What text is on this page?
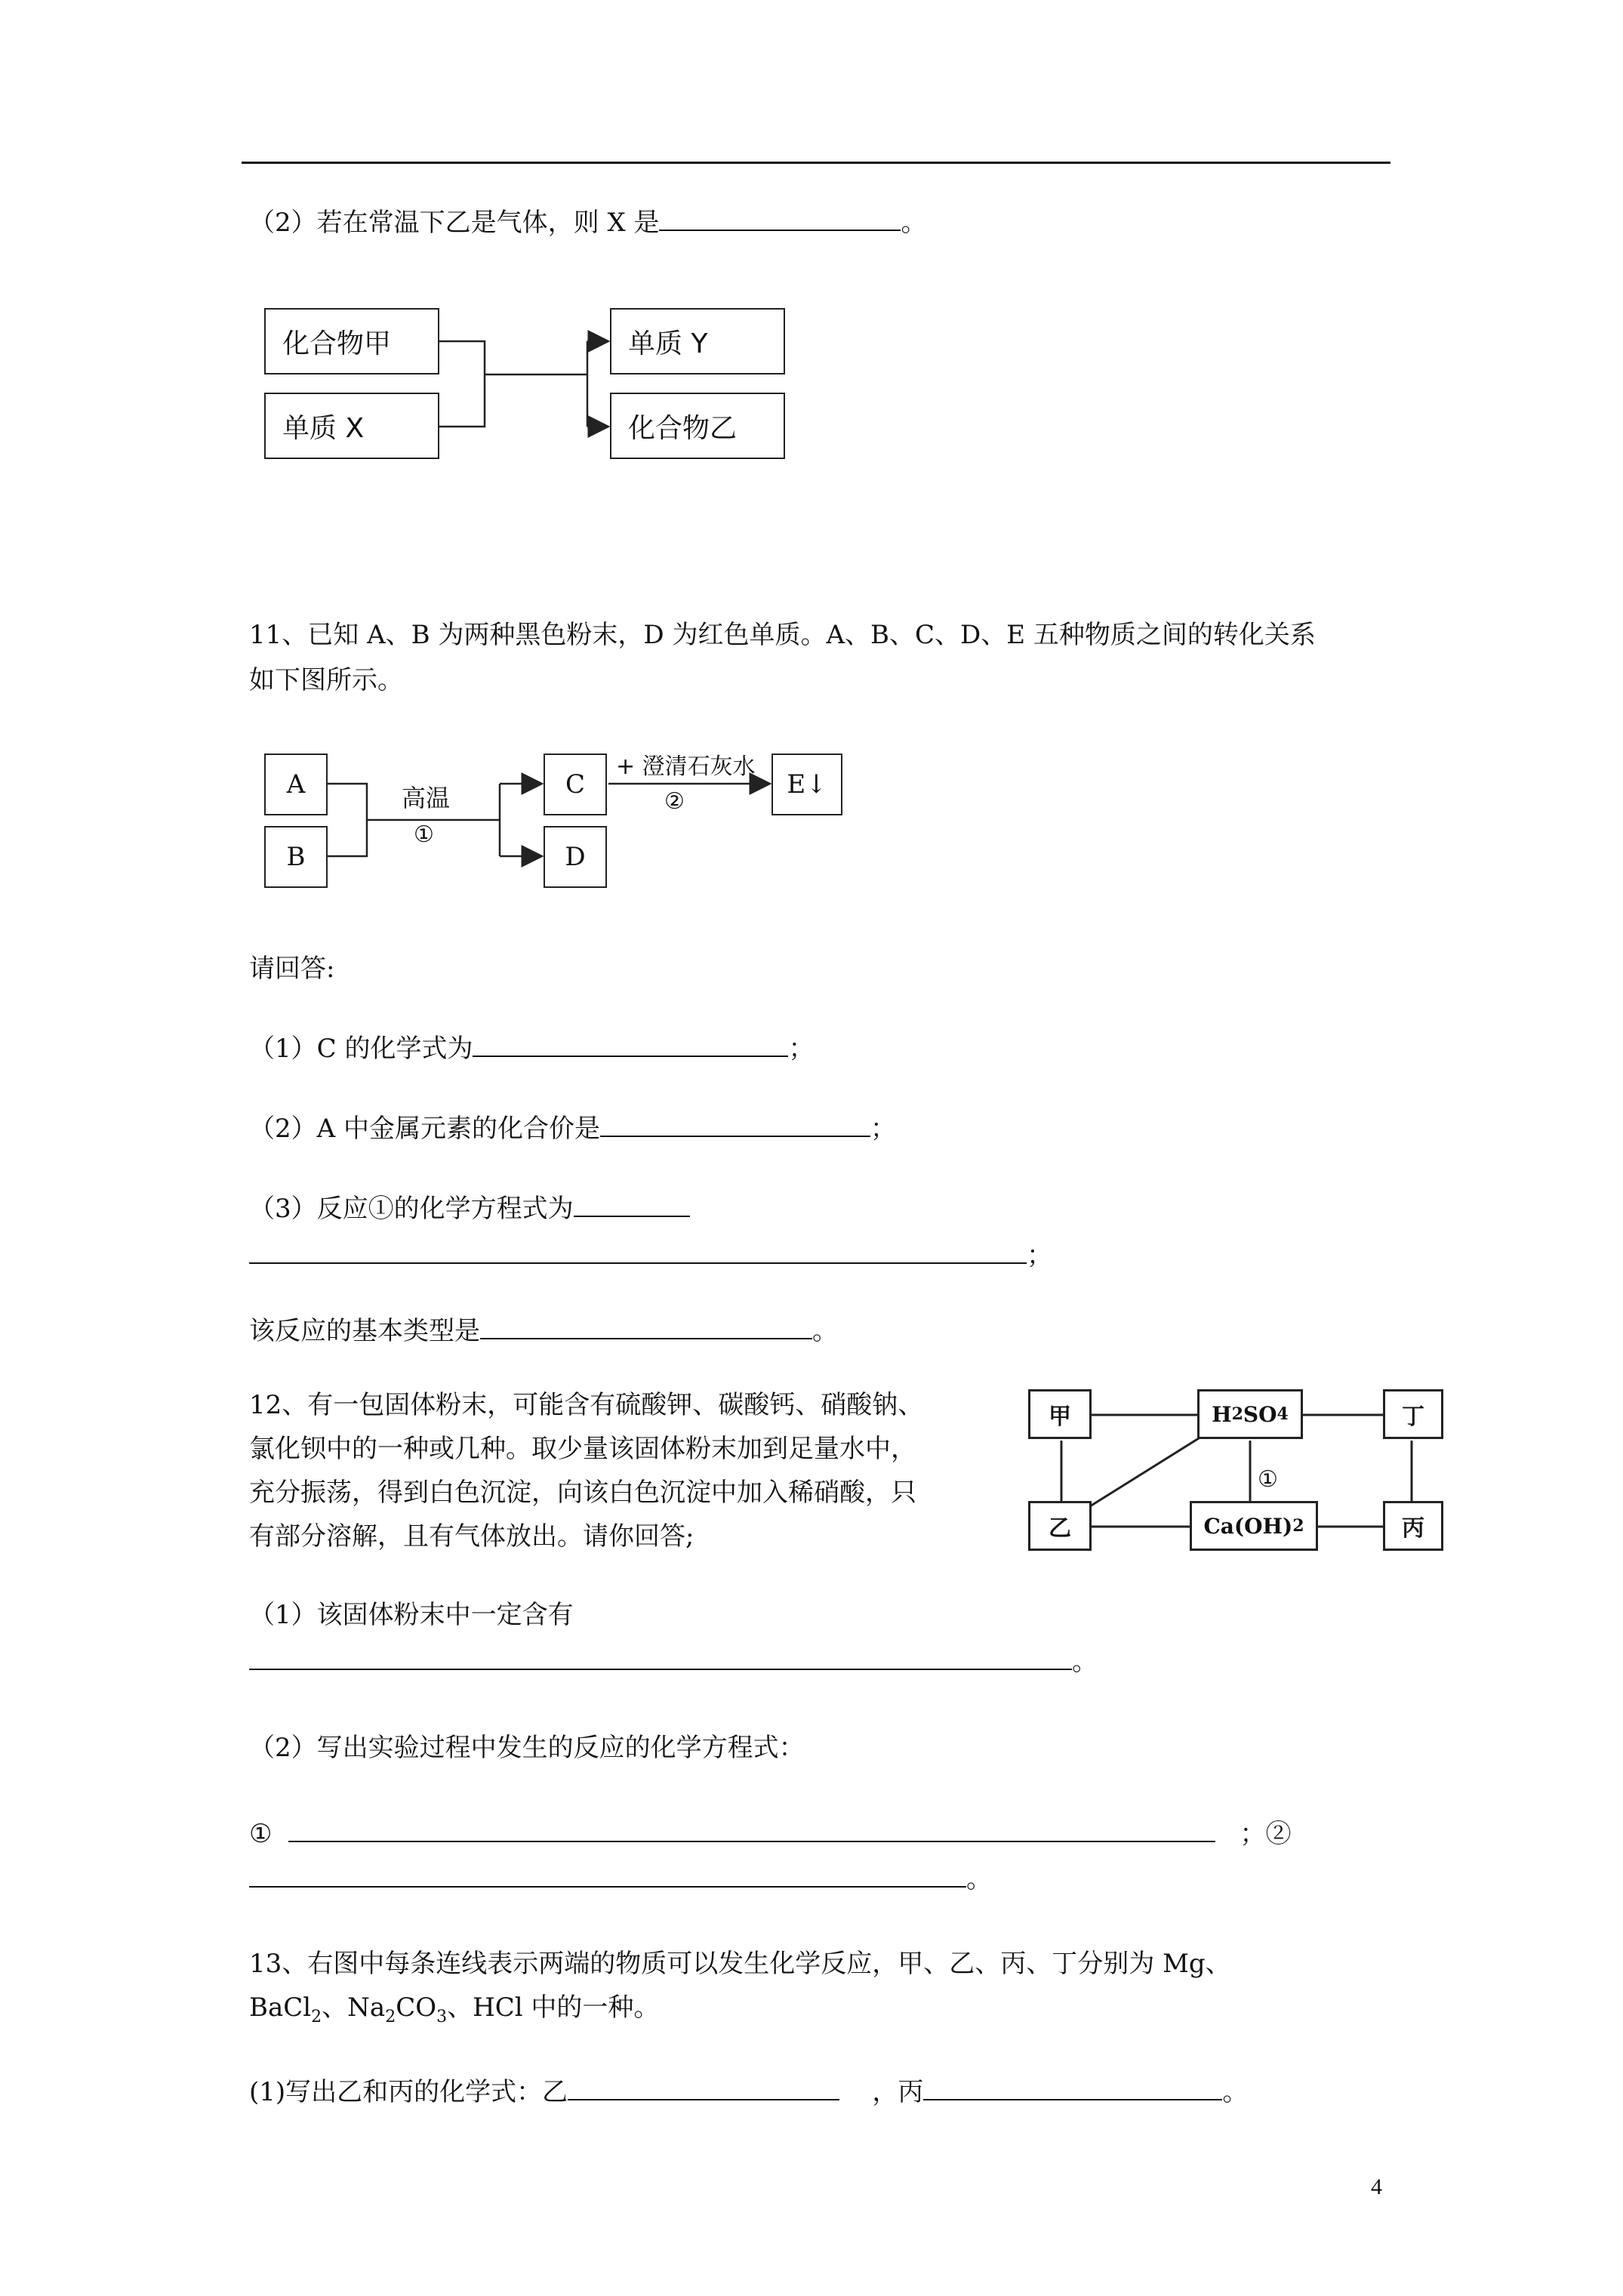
（2）若在常温下乙是气体，则 X 是	。
化合物甲
单质 X
单质 Y
化合物乙
11、已知 A、B 为两种黑色粉末，D 为红色单质。A、B、C、D、E 五种物质之间的转化关系
如下图所示。
A
B
C
D
E↓
高温
①
+ 澄清石灰水
②
请回答:
（1）C 的化学式为	；
（2）A 中金属元素的化合价是	；
（3）反应①的化学方程式为
；
该反应的基本类型是	。
12、有一包固体粉末，可能含有硫酸钾、碳酸钙、硝酸钠、
氯化钡中的一种或几种。取少量该固体粉末加到足量水中，
充分振荡，得到白色沉淀，向该白色沉淀中加入稀硝酸，只
有部分溶解，且有气体放出。请你回答;
甲	H 2 SO 4	丁
乙	Ca(OH) 2	丙
①
（1）该固体粉末中一定含有
。
（2）写出实验过程中发生的反应的化学方程式：
①	；②
。
13、右图中每条连线表示两端的物质可以发生化学反应，甲、乙、丙、丁分别为 Mg、
BaCl$_2$、$Na_2CO_3$、HCl 中的一种。
(1)写出乙和丙的化学式：乙	，丙	。
4
